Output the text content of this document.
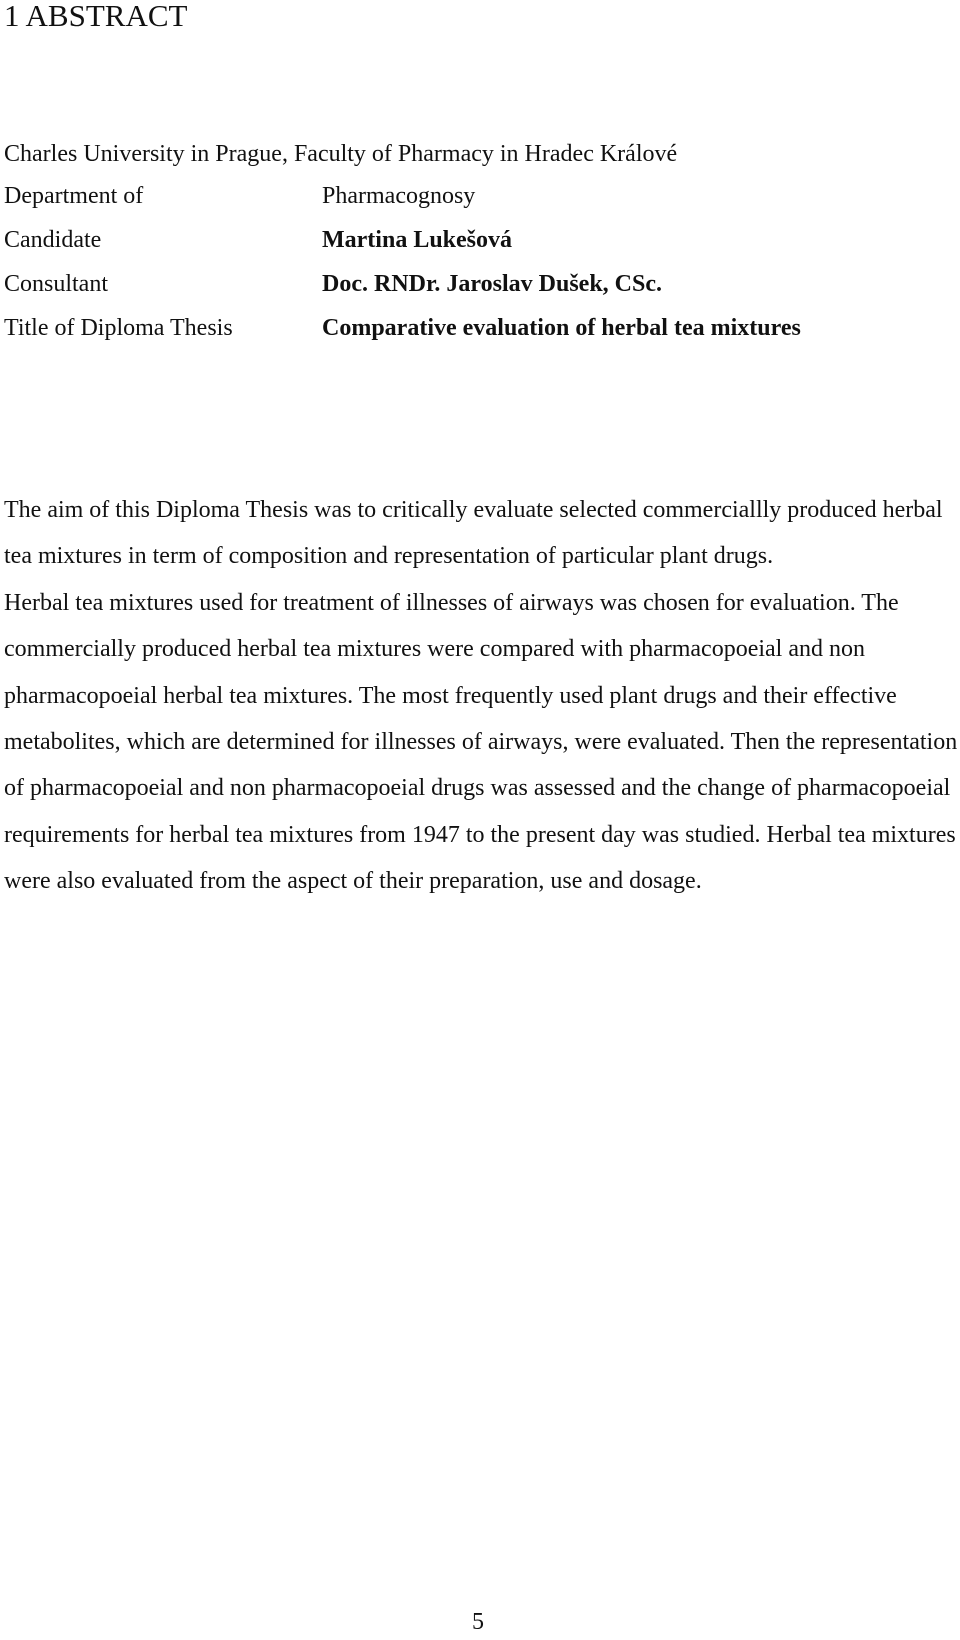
1 ABSTRACT
Charles University in Prague, Faculty of Pharmacy in Hradec Králové
Department of	Pharmacognosy
Candidate	Martina Lukešová
Consultant	Doc. RNDr. Jaroslav Dušek, CSc.
Title of Diploma Thesis	Comparative evaluation of herbal tea mixtures

The aim of this Diploma Thesis was to critically evaluate selected commerciallly produced herbal tea mixtures in term of composition and representation of particular plant drugs.

Herbal tea mixtures used for treatment of illnesses of airways was chosen for evaluation. The commercially produced herbal tea mixtures were compared with pharmacopoeial and non pharmacopoeial herbal tea mixtures. The most frequently used plant drugs and their effective metabolites, which are determined for illnesses of airways, were evaluated. Then the representation of pharmacopoeial and non pharmacopoeial drugs was assessed and the change of pharmacopoeial requirements for herbal tea mixtures from 1947 to the present day was studied. Herbal tea mixtures were also evaluated from the aspect of their preparation, use and dosage.

5
